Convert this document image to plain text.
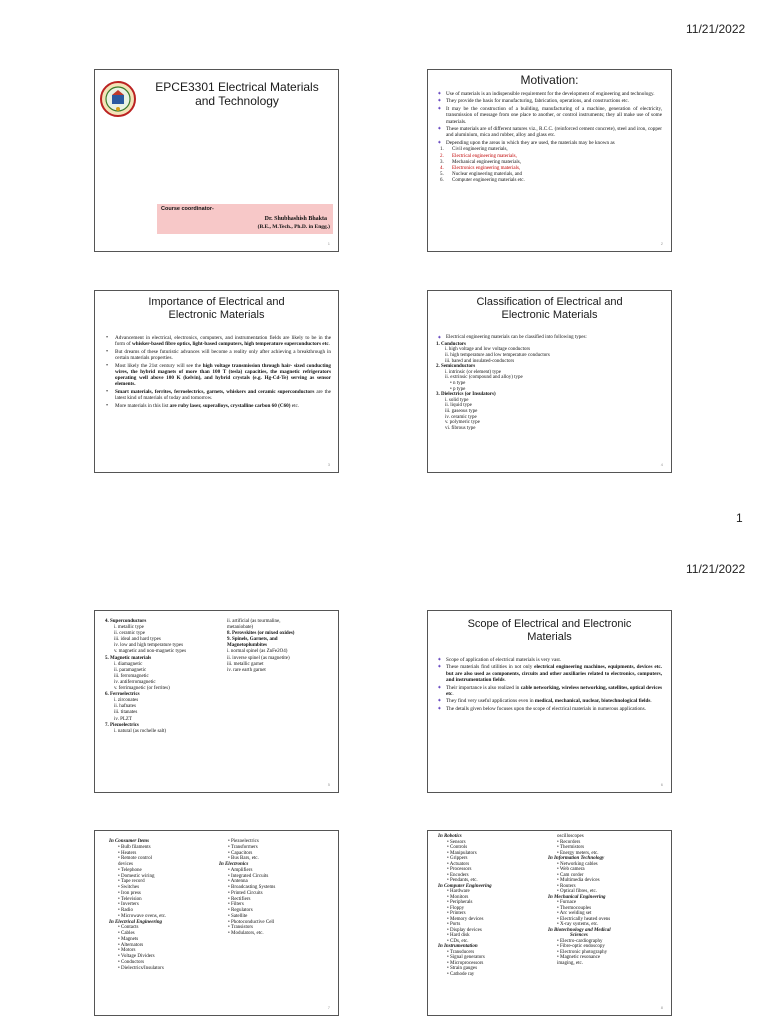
11/21/2022
1
11/21/2022
EPCE3301 Electrical Materials
and Technology
Course coordinator-
Dr. Shubhashish Bhakta
(B.E., M.Tech., Ph.D. in Engg.)
1
Motivation:
➧ Use of materials is an indispensible requirement for the development of engineering and technology.
➧ They provide the basis for manufacturing, fabrication, operations, and constructions etc.
➧ It may be the construction of a building, manufacturing of a machine, generation of electricity, transmission of message from one place to another, or control instruments; they all make use of some materials.
➧ These materials are of different natures viz., R.C.C. (reinforced cement concrete), steel and iron, copper and aluminium, mica and rubber, alloy and glass etc.
➧ Depending upon the areas in which they are used, the materials may be known as
1. Civil engineering materials,
2. Electrical engineering materials,
3. Mechanical engineering materials,
4. Electronics engineering materials,
5. Nuclear engineering materials, and
6. Computer engineering materials etc.
2
Importance of Electrical and
Electronic Materials
• Advancement in electrical, electronics, computers, and instrumentation fields are likely to be in the form of whisker-based fibre optics, light-based computers, high temperature superconductors etc.
• But dreams of these futuristic advances will become a reality only after achieving a breakthrough in certain materials properties.
• Most likely the 21st century will see the high voltage transmission through hair- sized conducting wires, the hybrid magnets of more than 100 T (tesla) capacities, the magnetic refrigerators operating well above 100 K (kelvin), and hybrid crystals (e.g. Hg-Cd-Te) serving as sensor elements.
• Smart materials, ferrites, ferroelectrics, garnets, whiskers and ceramic superconductors are the latest kind of materials of today and tomorrow.
• More materials in this list are ruby laser, superalloys, crystalline carbon 60 (C60) etc.
3
Classification of Electrical and
Electronic Materials
➧ Electrical engineering materials can be classified into following types:
1. Conductors
i. high voltage and low voltage conductors
ii. high temperature and low temperature conductors
iii. bared and insulated-conductors
2. Semiconductors
i. intrinsic (or element) type
ii. extrinsic (compound and alloy) type
• n type
• p type
3. Dielectrics (or Insulators)
i. solid type
ii. liquid type
iii. gaseous type
iv. ceramic type
v. polymeric type
vi. fibrous type
4
4. Superconductors
i. metallic type
ii. ceramic type
iii. ideal and hard types
iv. low and high temperature types
v. magnetic and non-magnetic types
5. Magnetic materials
i. diamagnetic
ii. paramagnetic
iii. ferromagnetic
iv. antiferromagnetic
v. ferrimagnetic (or ferrites)
6. Ferroelectrics
i. zirconates
ii. hafnates
iii. titanates
iv. PLZT
7. Piezoelectrics
i. natural (as rochelle salt)
ii. artificial (as tourmaline,
metaniobate)
8. Perovskites (or mixed oxides)
9. Spinels, Garnets, and
Magnetoplumbites
i. normal spinel (as ZnFe2O4)
ii. inverse spinel (as magnetite)
iii. metallic garnet
iv. rare earth garnet
5
Scope of Electrical and Electronic
Materials
➧ Scope of application of electrical materials is very vast.
➧ These materials find utilities in not only electrical engineering machines, equipments, devices etc. but are also used as components, circuits and other auxiliaries related to electronics, computers, and instrumentation fields.
➧ Their importance is also realized in cable networking, wireless networking, satellites, optical devices etc.
➧ They find very useful applications even in medical, mechanical, nuclear, biotechnological fields.
➧ The details given below focuses upon the scope of electrical materials in numerous applications.
6
In Consumer Items
• Bulb filaments
• Heaters
• Remote control
devices
• Telephone
• Domestic wiring
• Tape record
• Switches
• Iron press
• Television
• Inverters
• Radio
• Microwave ovens, etc.
In Electrical Engineering
• Contacts
• Cables
• Magnets
• Alternators
• Motors
• Voltage Dividers
• Conductors
• Dielectrics/Insulators
• Piezoelectrics
• Transformers
• Capacitors
• Bus Bars, etc.
In Electronics
• Amplifiers
• Integrated Circuits
• Antenna
• Broadcasting Systems
• Printed Circuits
• Rectifiers
• Filters
• Regulators
• Satellite
• Photoconductive Cell
• Transistors
• Modulators, etc.
7
In Robotics
• Sensors
• Controls
• Manipulators
• Grippers
• Actuators
• Processors
• Encoders
• Pendants, etc.
In Computer Engineering
• Hardware
• Monitors
• Peripherals
• Floppy
• Printers
• Memory devices
• Ports
• Display devices
• Hard disk
• CDs, etc.
In Instrumentation
• Transducers
• Signal generators
• Microprocessors
• Strain gauges
• Cathode ray
oscilloscopes
• Recorders
• Thermistors
• Energy meters, etc.
In Information Technology
• Networking cables
• Web camera
• Cam corder
• Multimedia devices
• Routers
• Optical fibres, etc.
In Mechanical Engineering
• Furnace
• Thermocouples
• Arc welding set
• Electrically heated ovens
• X-ray systems, etc.
In Biotechnology and Medical
Sciences
• Electro-cardiography
• Fibre-optic endoscopy
• Electronic photography
• Magnetic resonance
imaging, etc.
8
